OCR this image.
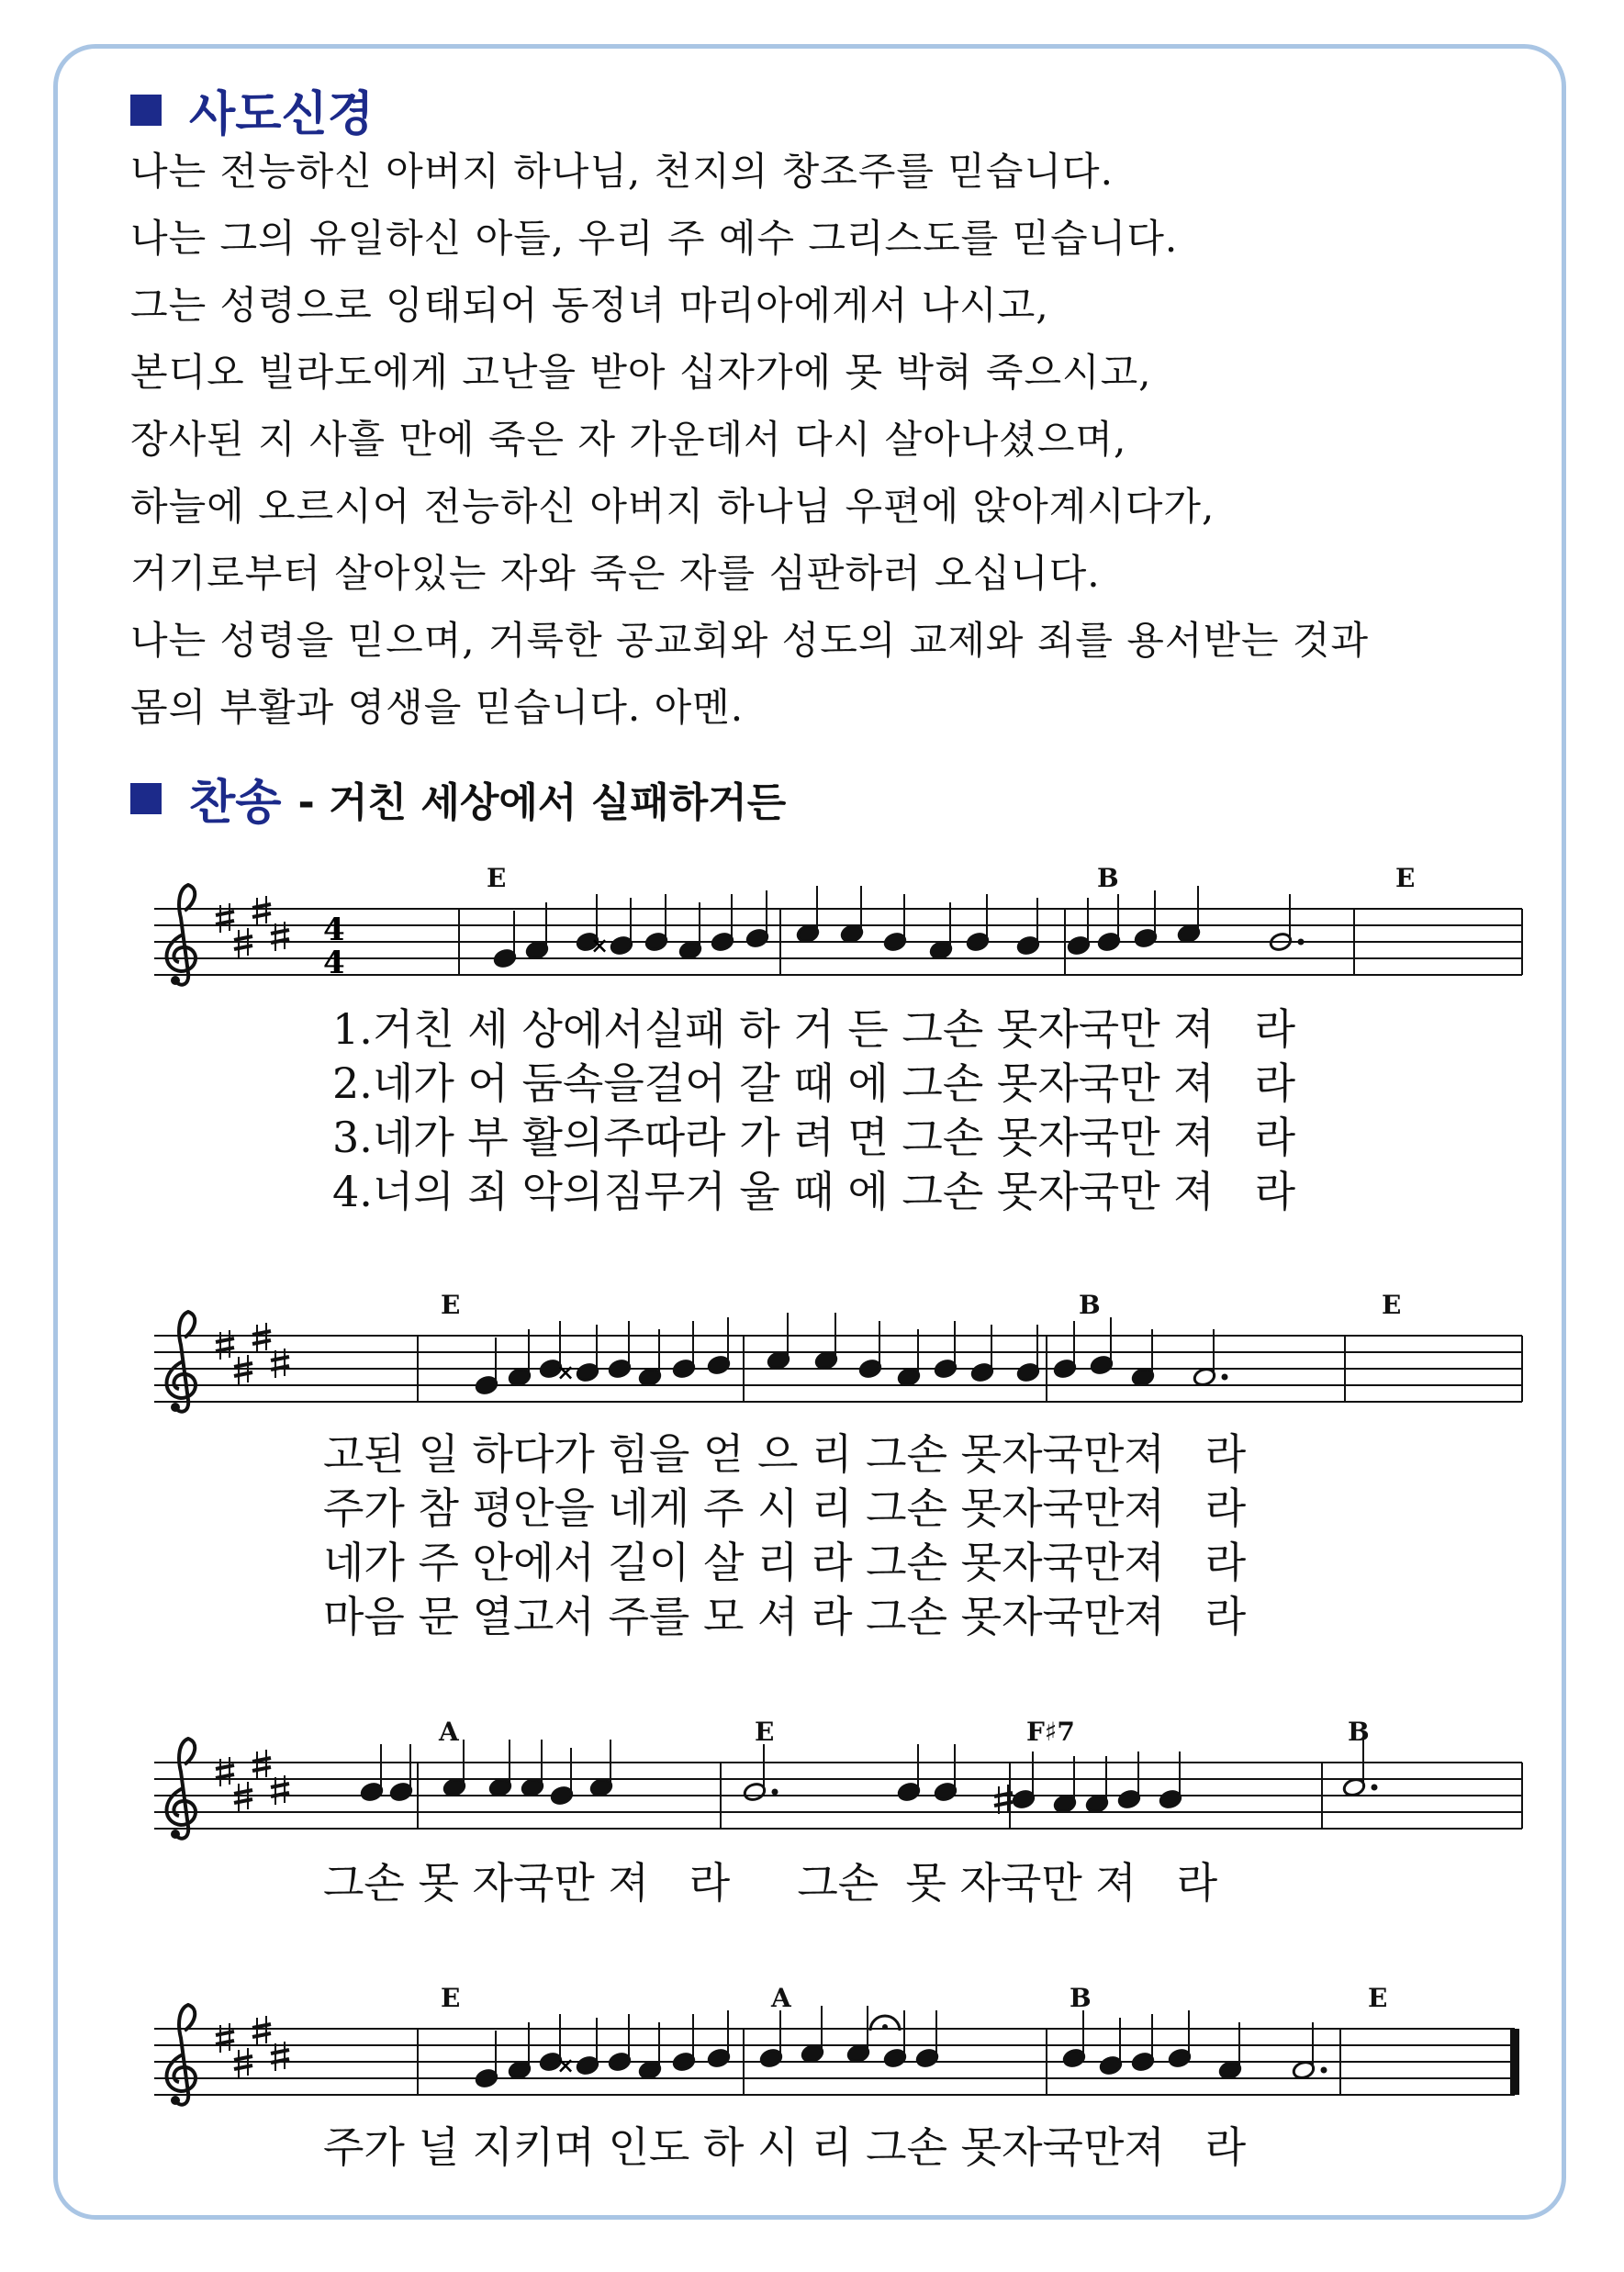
사도신경
나는 전능하신 아버지 하나님, 천지의 창조주를 믿습니다.
나는 그의 유일하신 아들, 우리 주 예수 그리스도를 믿습니다.
그는 성령으로 잉태되어 동정녀 마리아에게서 나시고,
본디오 빌라도에게 고난을 받아 십자가에 못 박혀 죽으시고,
장사된 지 사흘 만에 죽은 자 가운데서 다시 살아나셨으며,
하늘에 오르시어 전능하신 아버지 하나님 우편에 앉아계시다가,
거기로부터 살아있는 자와 죽은 자를 심판하러 오십니다.
나는 성령을 믿으며, 거룩한 공교회와 성도의 교제와 죄를 용서받는 것과
몸의 부활과 영생을 믿습니다. 아멘.
찬송 - 거친 세상에서 실패하거든
4
4	×
×
×
E	B	E
E	B	E
A	E	F♯7	B
E	A	B	E
1.거친 세 상에서실패 하 거 든 그손 못자국만 져   라
2.네가 어 둠속을걸어 갈 때 에 그손 못자국만 져   라
3.네가 부 활의주따라 가 려 면 그손 못자국만 져   라
4.너의 죄 악의짐무거 울 때 에 그손 못자국만 져   라
고된 일 하다가 힘을 얻 으 리 그손 못자국만져   라
주가 참 평안을 네게 주 시 리 그손 못자국만져   라
네가 주 안에서 길이 살 리 라 그손 못자국만져   라
마음 문 열고서 주를 모 셔 라 그손 못자국만져   라
그손 못 자국만 져   라     그손  못 자국만 져   라
주가 널 지키며 인도 하 시 리 그손 못자국만져   라
